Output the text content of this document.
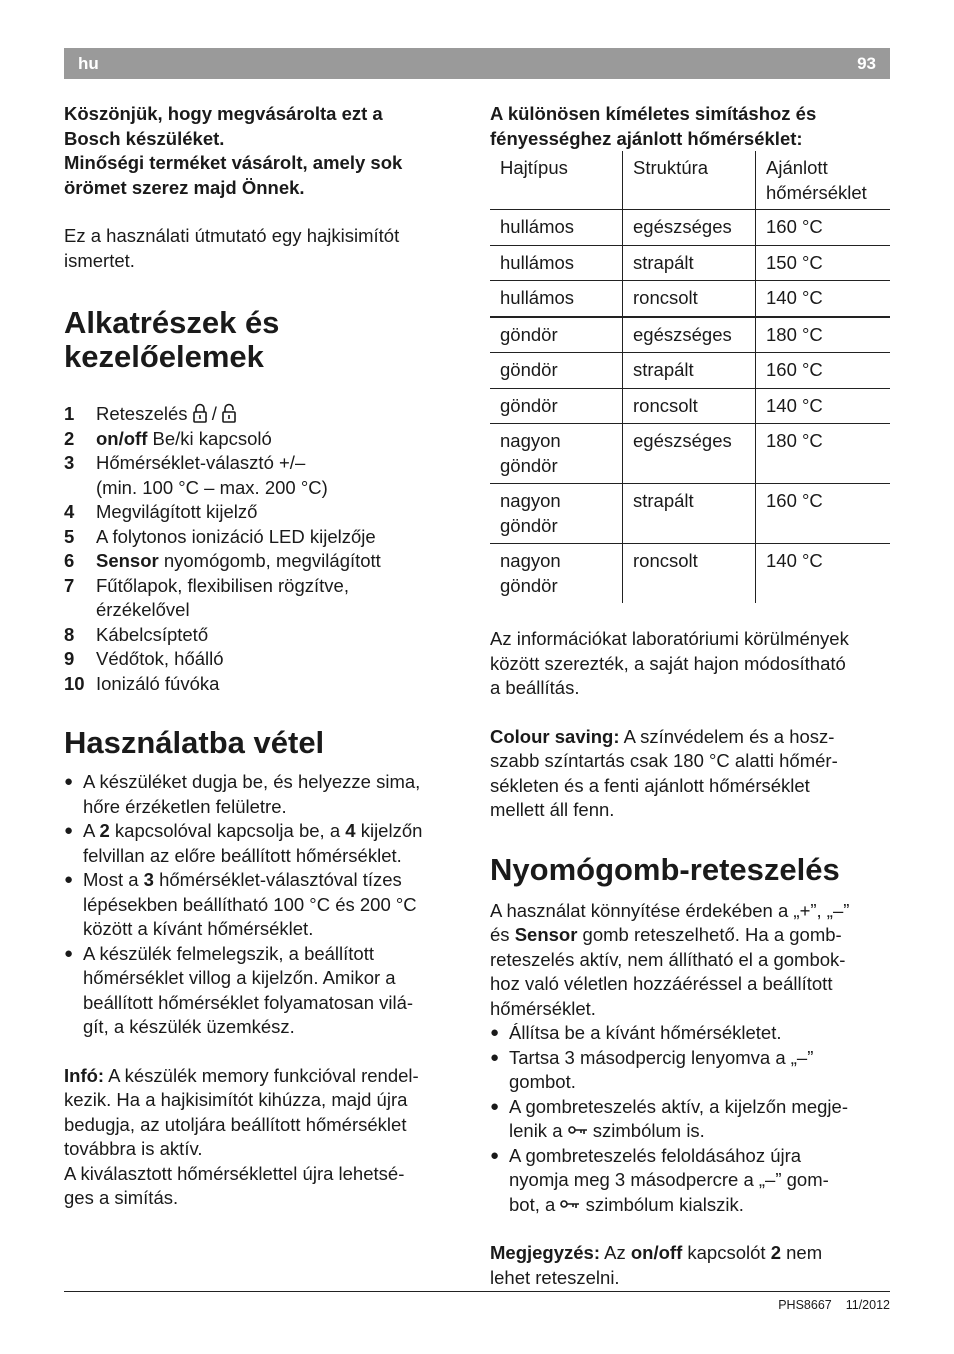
hu	93

Köszönjük, hogy megvásárolta ezt a

Bosch készüléket.

Minőségi terméket vásárolt, amely sok

örömet szerez majd Önnek.

Ez a használati útmutató egy hajkisimítót

ismertet.

Alkatrészek és
kezelőelemek
1	Reteszelés  /
2	on/off Be/ki kapcsoló
3	Hőmérséklet-választó +/–
(min. 100 °C – max. 200 °C)
4	Megvilágított kijelző
5	A folytonos ionizáció LED kijelzője
6	Sensor nyomógomb, megvilágított
7	Fűtőlapok, flexibilisen rögzítve,
érzékelővel
8	Kábelcsíptető
9	Védőtok, hőálló
10 Ionizáló fúvóka
Használatba vétel
● A készüléket dugja be, és helyezze sima,
hőre érzéketlen felületre.
● A 2 kapcsolóval kapcsolja be, a 4 kijelzőn
felvillan az előre beállított hőmérséklet.
● Most a 3 hőmérséklet-választóval tízes
lépésekben beállítható 100 °C és 200 °C
között a kívánt hőmérséklet.
● A készülék felmelegszik, a beállított
hőmérséklet villog a kijelzőn. Amikor a
beállított hőmérséklet folyamatosan vilá-
gít, a készülék üzemkész.

Infó: A készülék memory funkcióval rendel-

kezik. Ha a hajkisimítót kihúzza, majd újra

bedugja, az utoljára beállított hőmérséklet

továbbra is aktív.

A kiválasztott hőmérséklettel újra lehetsé-

ges a simítás.

A különösen kíméletes simításhoz és

fényességhez ajánlott hőmérséklet:

Hajtípus	Struktúra	Ajánlott
hőmérséklet
hullámos	egészséges	160 °C
hullámos	strapált	150 °C
hullámos	roncsolt	140 °C
göndör	egészséges	180 °C
göndör	strapált	160 °C
göndör	roncsolt	140 °C
nagyon
göndör	egészséges	180 °C
nagyon
göndör	strapált	160 °C
nagyon
göndör	roncsolt	140 °C

Az információkat laboratóriumi körülmények

között szerezték, a saját hajon módosítható

a beállítás.

Colour saving: A színvédelem és a hosz-

szabb színtartás csak 180 °C alatti hőmér-

sékleten és a fenti ajánlott hőmérséklet

mellett áll fenn.

Nyomógomb-reteszelés

A használat könnyítése érdekében a „+”, „–”

és Sensor gomb reteszelhető. Ha a gomb-

reteszelés aktív, nem állítható el a gombok-

hoz való véletlen hozzáéréssel a beállított

hőmérséklet.

● Állítsa be a kívánt hőmérsékletet.
● Tartsa 3 másodpercig lenyomva a „–”
gombot.
● A gombreteszelés aktív, a kijelzőn megje-
lenik a  szimbólum is.
● A gombreteszelés feloldásához újra
nyomja meg 3 másodpercre a „–” gom-
bot, a  szimbólum kialszik.

Megjegyzés: Az on/off kapcsolót 2 nem

lehet reteszelni.

PHS8667 11/2012
